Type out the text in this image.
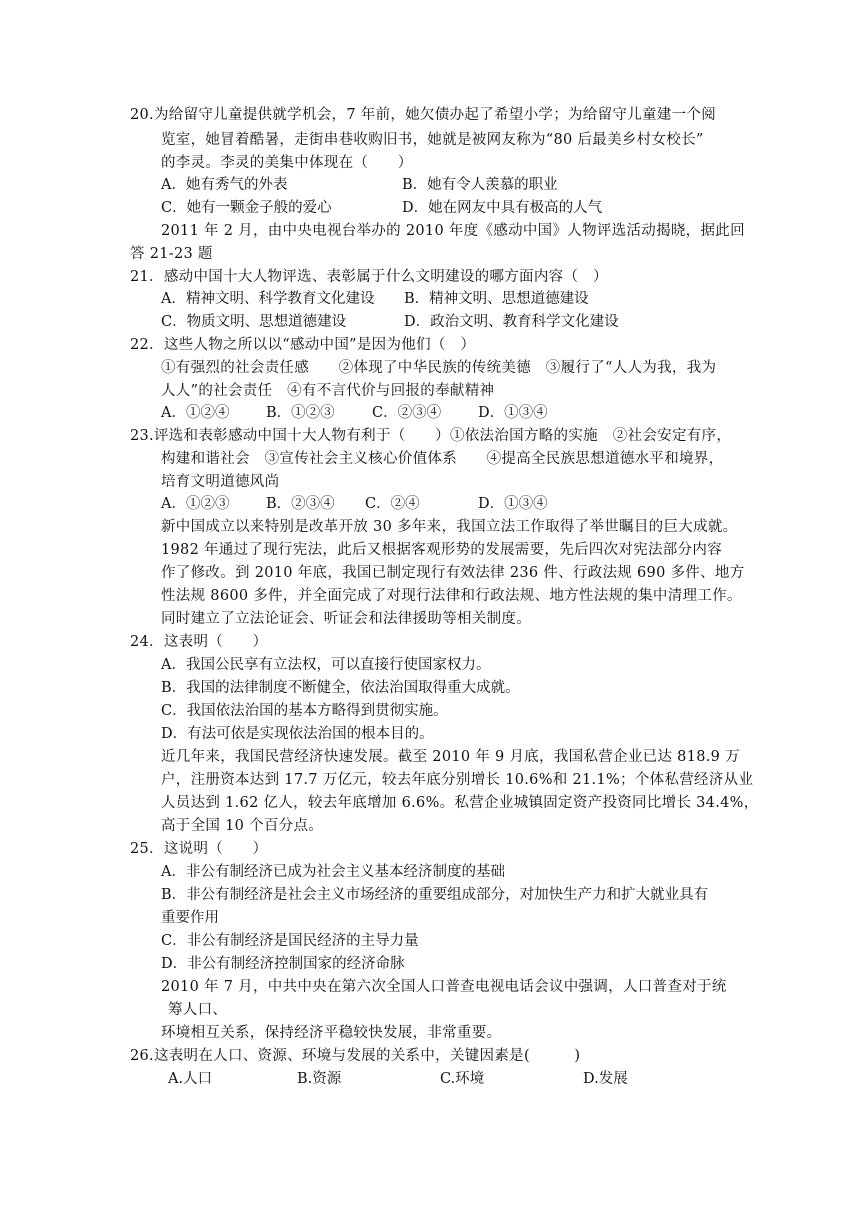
20.为给留守儿童提供就学机会，7 年前，她欠债办起了希望小学；为给留守儿童建一个阅
览室，她冒着酷暑，走街串巷收购旧书，她就是被网友称为“80 后最美乡村女校长”
的李灵。李灵的美集中体现在（　　）
A．她有秀气的外表	B．她有令人羡慕的职业
C．她有一颗金子般的爱心	D．她在网友中具有极高的人气
2011 年 2 月，由中央电视台举办的 2010 年度《感动中国》人物评选活动揭晓，据此回
答 21-23 题
21．感动中国十大人物评选、表彰属于什么文明建设的哪方面内容（　）
A．精神文明、科学教育文化建设 B．精神文明、思想道德建设
C．物质文明、思想道德建设	D．政治文明、教育科学文化建设
22．这些人物之所以以“感动中国”是因为他们（　）
①有强烈的社会责任感　　②体现了中华民族的传统美德　③履行了“人人为我，我为
人人”的社会责任　④有不言代价与回报的奉献精神
A．①②④	B．①②③	C．②③④	D．①③④
23.评选和表彰感动中国十大人物有利于（　　）①依法治国方略的实施　②社会安定有序，
构建和谐社会　③宣传社会主义核心价值体系　　④提高全民族思想道德水平和境界，
培育文明道德风尚
A．①②③	B．②③④ C．②④	D．①③④
新中国成立以来特别是改革开放 30 多年来，我国立法工作取得了举世瞩目的巨大成就。
1982 年通过了现行宪法，此后又根据客观形势的发展需要，先后四次对宪法部分内容
作了修改。到 2010 年底，我国已制定现行有效法律 236 件、行政法规 690 多件、地方
性法规 8600 多件，并全面完成了对现行法律和行政法规、地方性法规的集中清理工作。
同时建立了立法论证会、听证会和法律援助等相关制度。
24．这表明（　　）
A．我国公民享有立法权，可以直接行使国家权力。
B．我国的法律制度不断健全，依法治国取得重大成就。
C．我国依法治国的基本方略得到贯彻实施。
D．有法可依是实现依法治国的根本目的。
近几年来，我国民营经济快速发展。截至 2010 年 9 月底，我国私营企业已达 818.9 万
户，注册资本达到 17.7 万亿元，较去年底分别增长 10.6%和 21.1%；个体私营经济从业
人员达到 1.62 亿人，较去年底增加 6.6%。私营企业城镇固定资产投资同比增长 34.4%，
高于全国 10 个百分点。
25．这说明（　　）
A．非公有制经济已成为社会主义基本经济制度的基础
B．非公有制经济是社会主义市场经济的重要组成部分，对加快生产力和扩大就业具有
重要作用
C．非公有制经济是国民经济的主导力量
D．非公有制经济控制国家的经济命脉
2010 年 7 月，中共中央在第六次全国人口普查电视电话会议中强调，人口普查对于统
筹人口、
环境相互关系，保持经济平稳较快发展，非常重要。
26.这表明在人口、资源、环境与发展的关系中，关键因素是(　　　)
A.人口	B.资源	C.环境	D.发展
